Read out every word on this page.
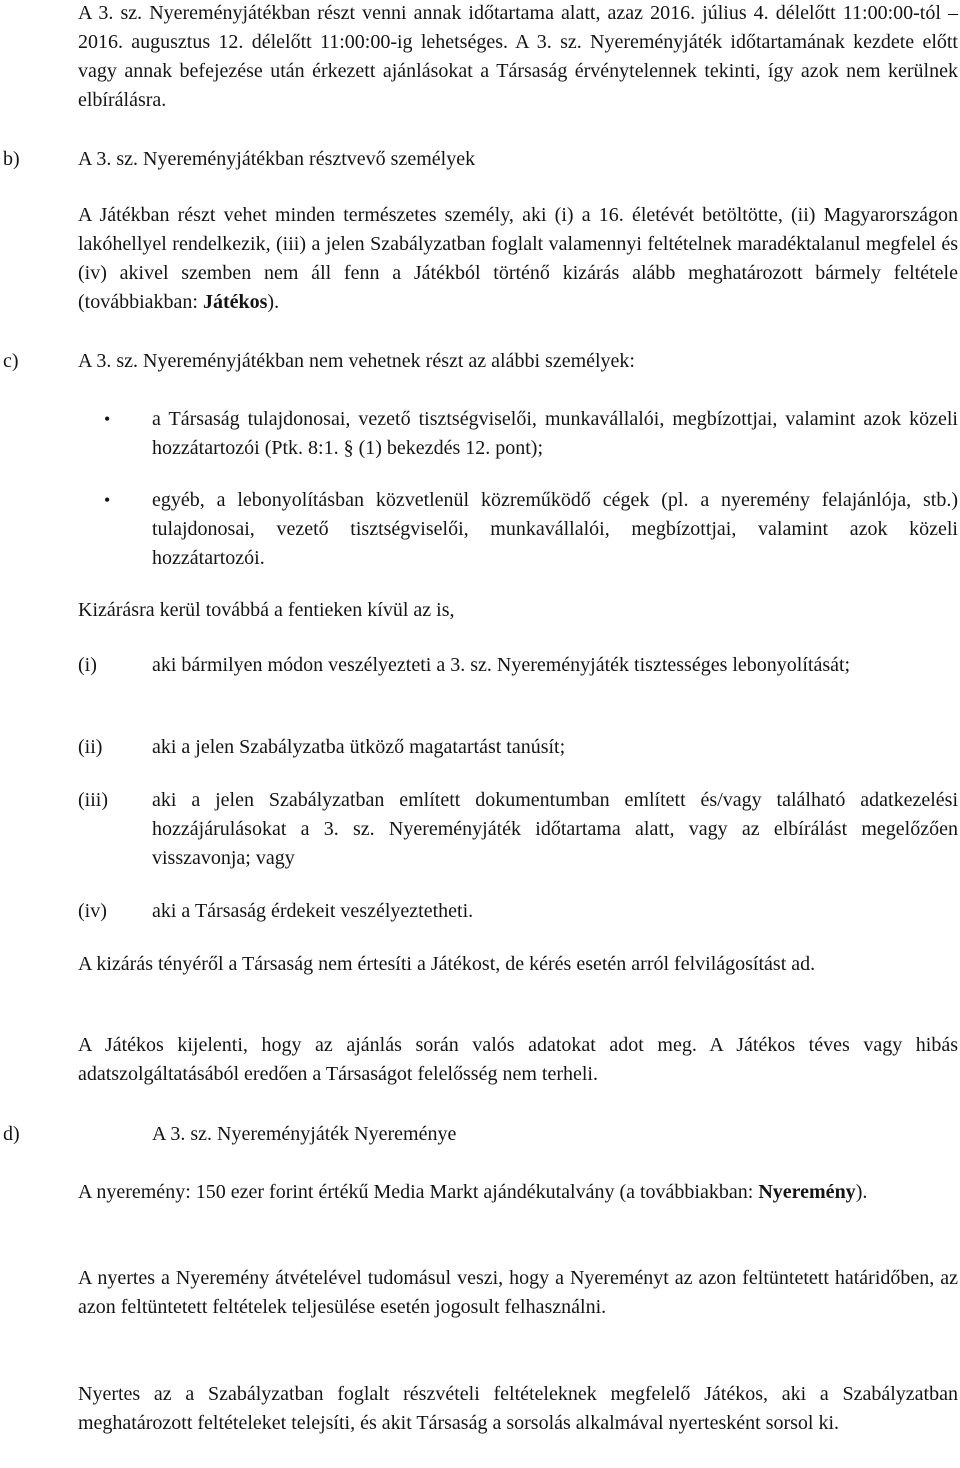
A 3. sz. Nyereményjátékban részt venni annak időtartama alatt, azaz 2016. július 4. délelőtt 11:00:00-tól – 2016. augusztus 12. délelőtt 11:00:00-ig lehetséges. A 3. sz. Nyereményjáték időtartamának kezdete előtt vagy annak befejezése után érkezett ajánlásokat a Társaság érvénytelennek tekinti, így azok nem kerülnek elbírálásra.

b)	A 3. sz. Nyereményjátékban résztvevő személyek

A Játékban részt vehet minden természetes személy, aki (i) a 16. életévét betöltötte, (ii) Magyarországon lakóhellyel rendelkezik, (iii) a jelen Szabályzatban foglalt valamennyi feltételnek maradéktalanul megfelel és (iv) akivel szemben nem áll fenn a Játékból történő kizárás alább meghatározott bármely feltétele (továbbiakban: Játékos).

c)	A 3. sz. Nyereményjátékban nem vehetnek részt az alábbi személyek:

• a Társaság tulajdonosai, vezető tisztségviselői, munkavállalói, megbízottjai, valamint azok közeli hozzátartozói (Ptk. 8:1. § (1) bekezdés 12. pont);

• egyéb, a lebonyolításban közvetlenül közreműködő cégek (pl. a nyeremény felajánlója, stb.) tulajdonosai, vezető tisztségviselői, munkavállalói, megbízottjai, valamint azok közeli hozzátartozói.

Kizárásra kerül továbbá a fentieken kívül az is,

(i)	aki bármilyen módon veszélyezteti a 3. sz. Nyereményjáték tisztességes lebonyolítását;

(ii) aki a jelen Szabályzatba ütköző magatartást tanúsít;

(iii) aki a jelen Szabályzatban említett dokumentumban említett és/vagy található adatkezelési hozzájárulásokat a 3. sz. Nyereményjáték időtartama alatt, vagy az elbírálást megelőzően visszavonja; vagy

(iv) aki a Társaság érdekeit veszélyeztetheti.

A kizárás tényéről a Társaság nem értesíti a Játékost, de kérés esetén arról felvilágosítást ad.

A Játékos kijelenti, hogy az ajánlás során valós adatokat adot meg. A Játékos téves vagy hibás adatszolgáltatásából eredően a Társaságot felelősség nem terheli.

d)	A 3. sz. Nyereményjáték Nyereménye

A nyeremény: 150 ezer forint értékű Media Markt ajándékutalvány (a továbbiakban: Nyeremény).

A nyertes a Nyeremény átvételével tudomásul veszi, hogy a Nyereményt az azon feltüntetett határidőben, az azon feltüntetett feltételek teljesülése esetén jogosult felhasználni.

Nyertes az a Szabályzatban foglalt részvételi feltételeknek megfelelő Játékos, aki a Szabályzatban meghatározott feltételeket telejsíti, és akit Társaság a sorsolás alkalmával nyertesként sorsol ki.
